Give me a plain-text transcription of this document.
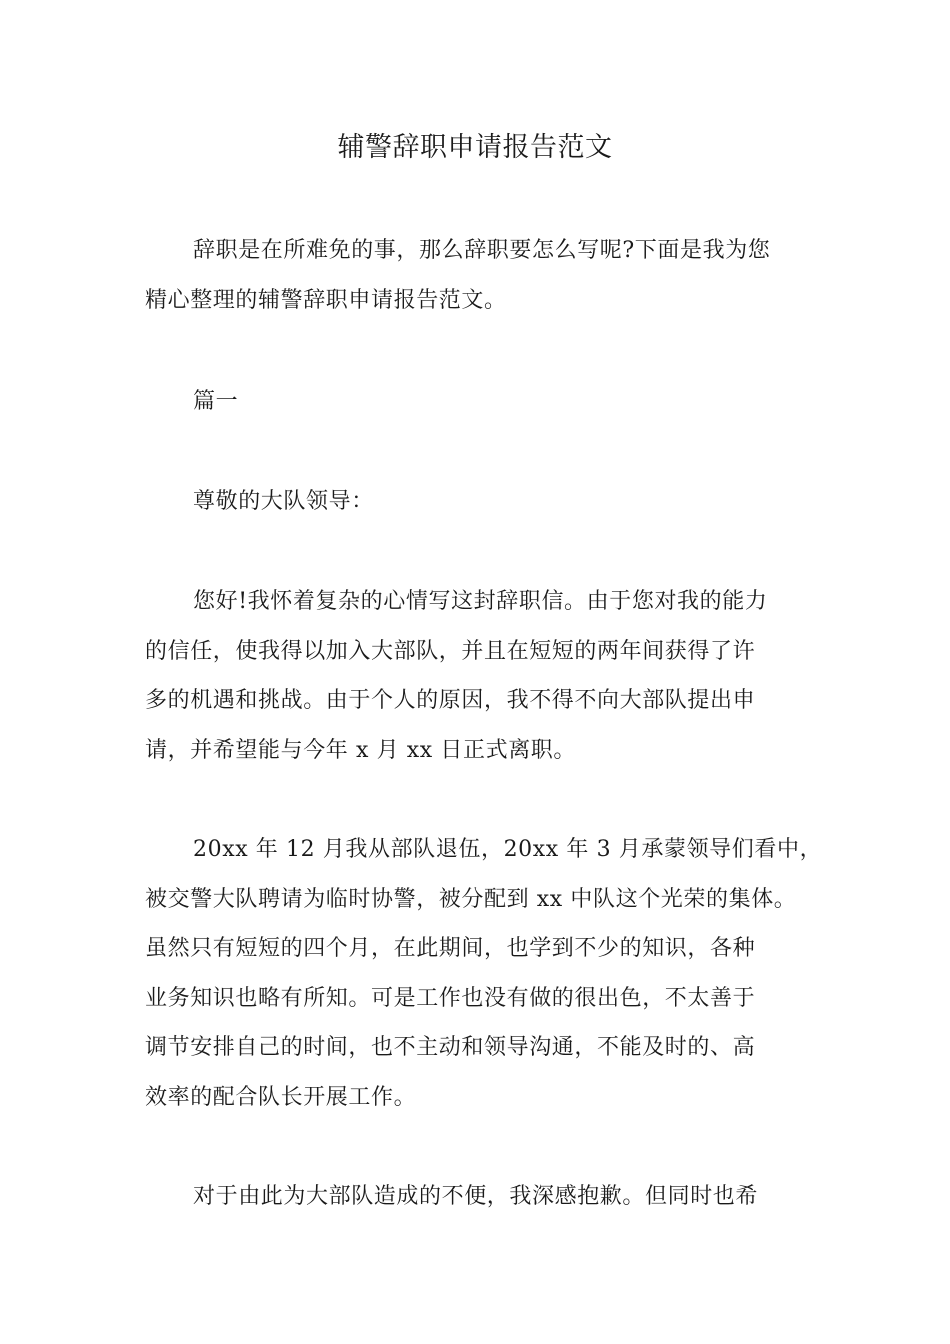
辅警辞职申请报告范文
辞职是在所难免的事，那么辞职要怎么写呢?下面是我为您
精心整理的辅警辞职申请报告范文。
篇一
尊敬的大队领导：
您好!我怀着复杂的心情写这封辞职信。由于您对我的能力
的信任，使我得以加入大部队，并且在短短的两年间获得了许
多的机遇和挑战。由于个人的原因，我不得不向大部队提出申
请，并希望能与今年 x 月 xx 日正式离职。
20xx 年 12 月我从部队退伍，20xx 年 3 月承蒙领导们看中，
被交警大队聘请为临时协警，被分配到 xx 中队这个光荣的集体。
虽然只有短短的四个月，在此期间，也学到不少的知识，各种
业务知识也略有所知。可是工作也没有做的很出色，不太善于
调节安排自己的时间，也不主动和领导沟通，不能及时的、高
效率的配合队长开展工作。
对于由此为大部队造成的不便，我深感抱歉。但同时也希
